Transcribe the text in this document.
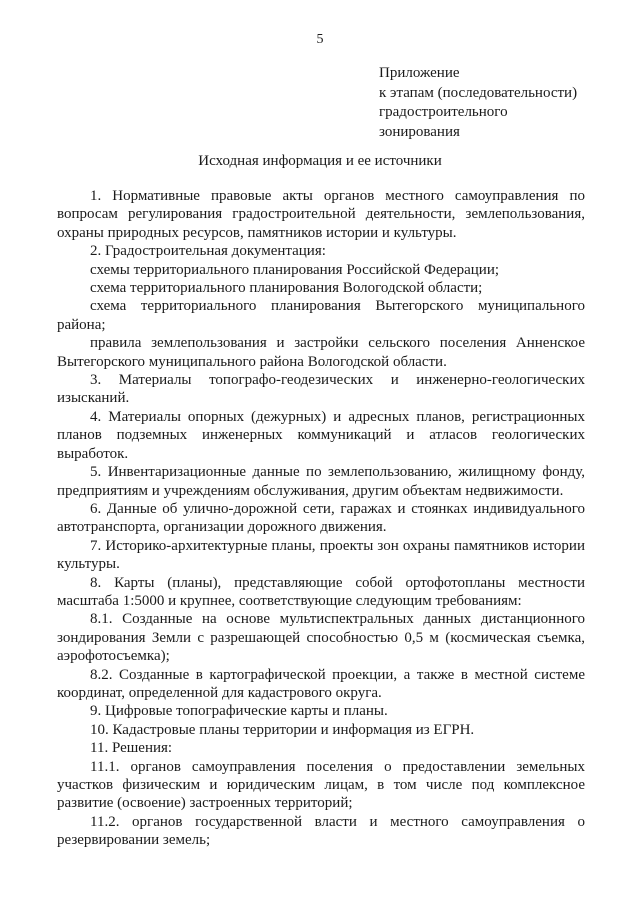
5
Приложение
к этапам (последовательности)
градостроительного
зонирования
Исходная информация и ее источники

1. Нормативные правовые акты органов местного самоуправления по вопросам регулирования градостроительной деятельности, землепользования, охраны природных ресурсов, памятников истории и культуры.

2. Градостроительная документация:

схемы территориального планирования Российской Федерации;

схема территориального планирования Вологодской области;

схема территориального планирования Вытегорского муниципального района;

правила землепользования и застройки сельского поселения Анненское Вытегорского муниципального района Вологодской области.

3. Материалы топографо-геодезических и инженерно-геологических изысканий.

4. Материалы опорных (дежурных) и адресных планов, регистрационных планов подземных инженерных коммуникаций и атласов геологических выработок.

5. Инвентаризационные данные по землепользованию, жилищному фонду, предприятиям и учреждениям обслуживания, другим объектам недвижимости.

6. Данные об улично-дорожной сети, гаражах и стоянках индивидуального автотранспорта, организации дорожного движения.

7. Историко-архитектурные планы, проекты зон охраны памятников истории культуры.

8. Карты (планы), представляющие собой ортофотопланы местности масштаба 1:5000 и крупнее, соответствующие следующим требованиям:

8.1. Созданные на основе мультиспектральных данных дистанционного зондирования Земли с разрешающей способностью 0,5 м (космическая съемка, аэрофотосъемка);

8.2. Созданные в картографической проекции, а также в местной системе координат, определенной для кадастрового округа.

9. Цифровые топографические карты и планы.

10. Кадастровые планы территории и информация из ЕГРН.

11. Решения:

11.1. органов самоуправления поселения о предоставлении земельных участков физическим и юридическим лицам, в том числе под комплексное развитие (освоение) застроенных территорий;

11.2. органов государственной власти и местного самоуправления о резервировании земель;
